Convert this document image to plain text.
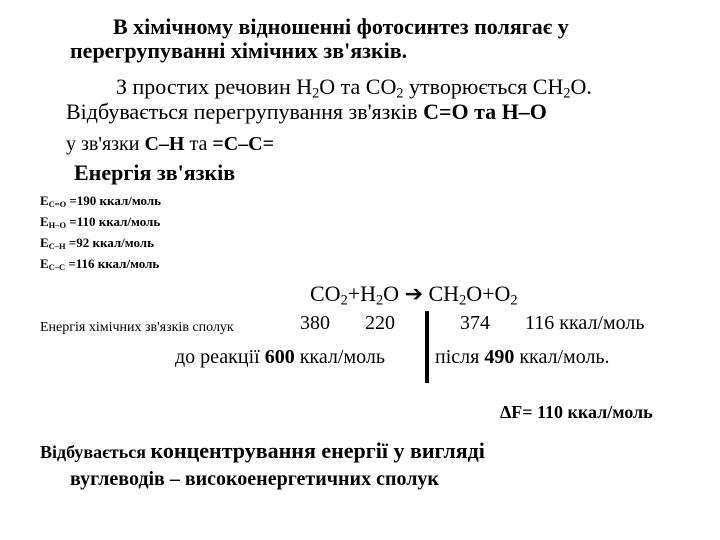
В хімічному відношенні фотосинтез полягає у
перегрупуванні хімічних зв'язків.
З простих речовин $H_2O$ та $CO_2$ утворюється $CH_2O$.
Відбувається перегрупування зв'язків C=O та H–O
у зв'язки C–H та =C–C=
Енергія зв'язків
$E_{C=O} =190$ ккал/моль
$E_{H-O} =110$ ккал/моль
$E_{C-H} =92$ ккал/моль
$E_{C-C} =116$ ккал/моль
$CO_2+H_2O$ ➔ $CH_2O+O_2$
Енергія хімічних зв'язків сполук	380 220	374 116 ккал/моль
до реакції 600 ккал/моль	після 490 ккал/моль.
ΔF= 110 ккал/моль
Відбувається концентрування енергії у вигляді
вуглеводів – високоенергетичних сполук
